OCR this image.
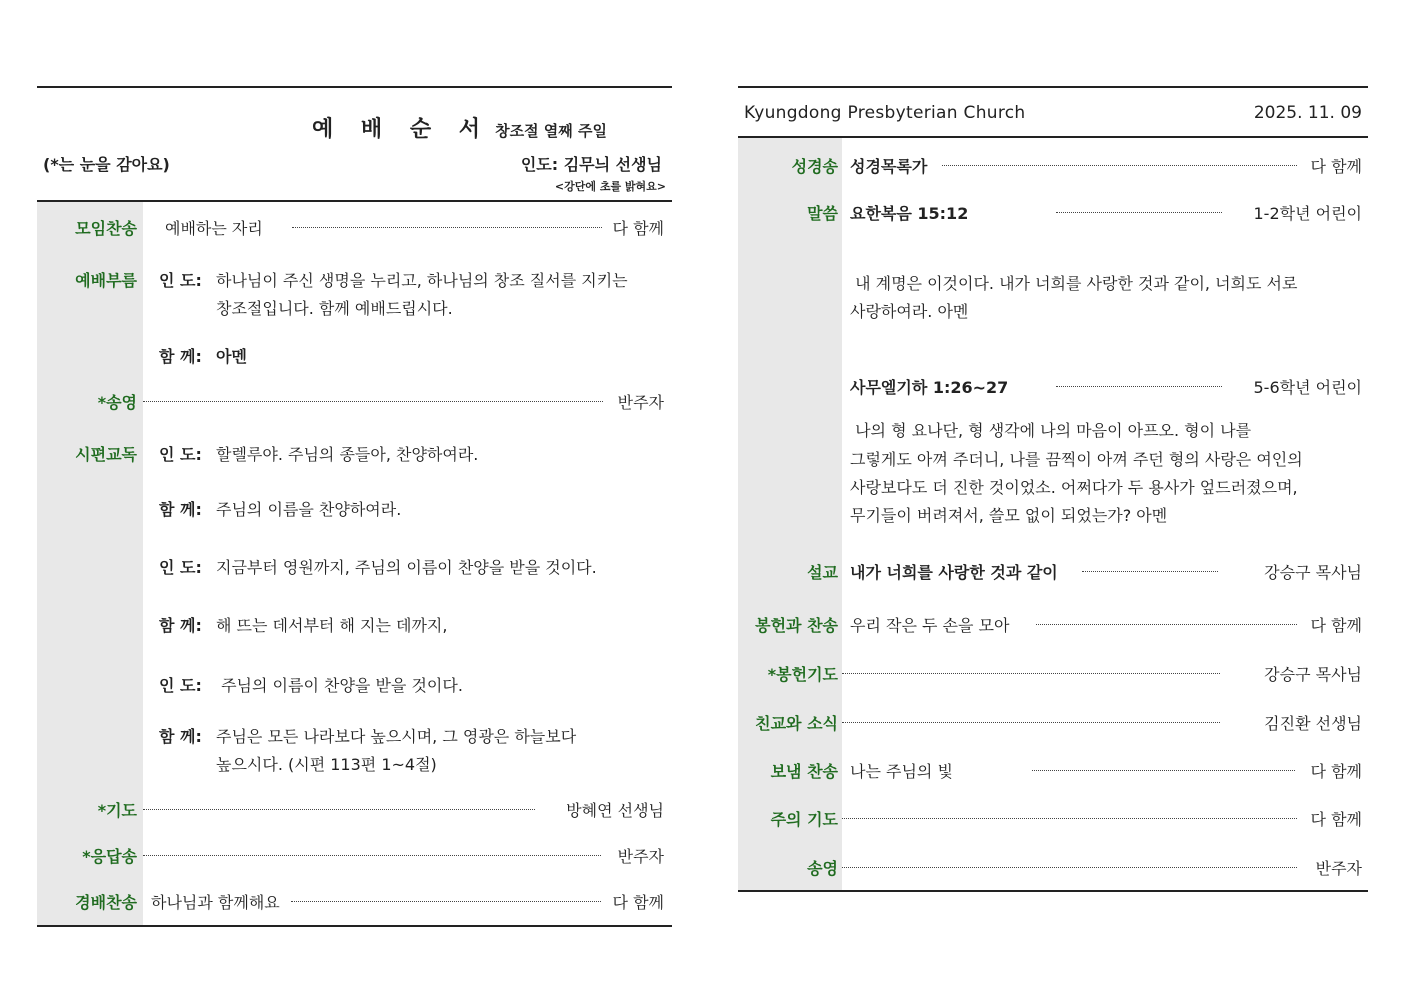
예 배 순 서 창조절 열째 주일
(*는 눈을 감아요)	인도: 김무늬 선생님
<강단에 초를 밝혀요>
모임찬송 예배하는 자리	다 함께
예배부름 인 도: 하나님이 주신 생명을 누리고, 하나님의 창조 질서를 지키는
창조절입니다. 함께 예배드립시다.
함 께: 아멘
*송영	반주자
시편교독 인 도: 할렐루야. 주님의 종들아, 찬양하여라.
함 께: 주님의 이름을 찬양하여라.
인 도: 지금부터 영원까지, 주님의 이름이 찬양을 받을 것이다.
함 께: 해 뜨는 데서부터 해 지는 데까지,
인 도: 주님의 이름이 찬양을 받을 것이다.
함 께: 주님은 모든 나라보다 높으시며, 그 영광은 하늘보다
높으시다. (시편 113편 1~4절)
*기도	방혜연 선생님
*응답송	반주자
경배찬송 하나님과 함께해요	다 함께
Kyungdong Presbyterian Church	2025. 11. 09
성경송 성경목록가	다 함께
말씀 요한복음 15:12	1-2학년 어린이
내 계명은 이것이다. 내가 너희를 사랑한 것과 같이, 너희도 서로
사랑하여라. 아멘
사무엘기하 1:26~27	5-6학년 어린이
나의 형 요나단, 형 생각에 나의 마음이 아프오. 형이 나를
그렇게도 아껴 주더니, 나를 끔찍이 아껴 주던 형의 사랑은 여인의
사랑보다도 더 진한 것이었소. 어쩌다가 두 용사가 엎드러졌으며,
무기들이 버려져서, 쓸모 없이 되었는가? 아멘
설교 내가 너희를 사랑한 것과 같이	강승구 목사님
봉헌과 찬송 우리 작은 두 손을 모아	다 함께
*봉헌기도	강승구 목사님
친교와 소식	김진환 선생님
보냄 찬송 나는 주님의 빛	다 함께
주의 기도	다 함께
송영	반주자
